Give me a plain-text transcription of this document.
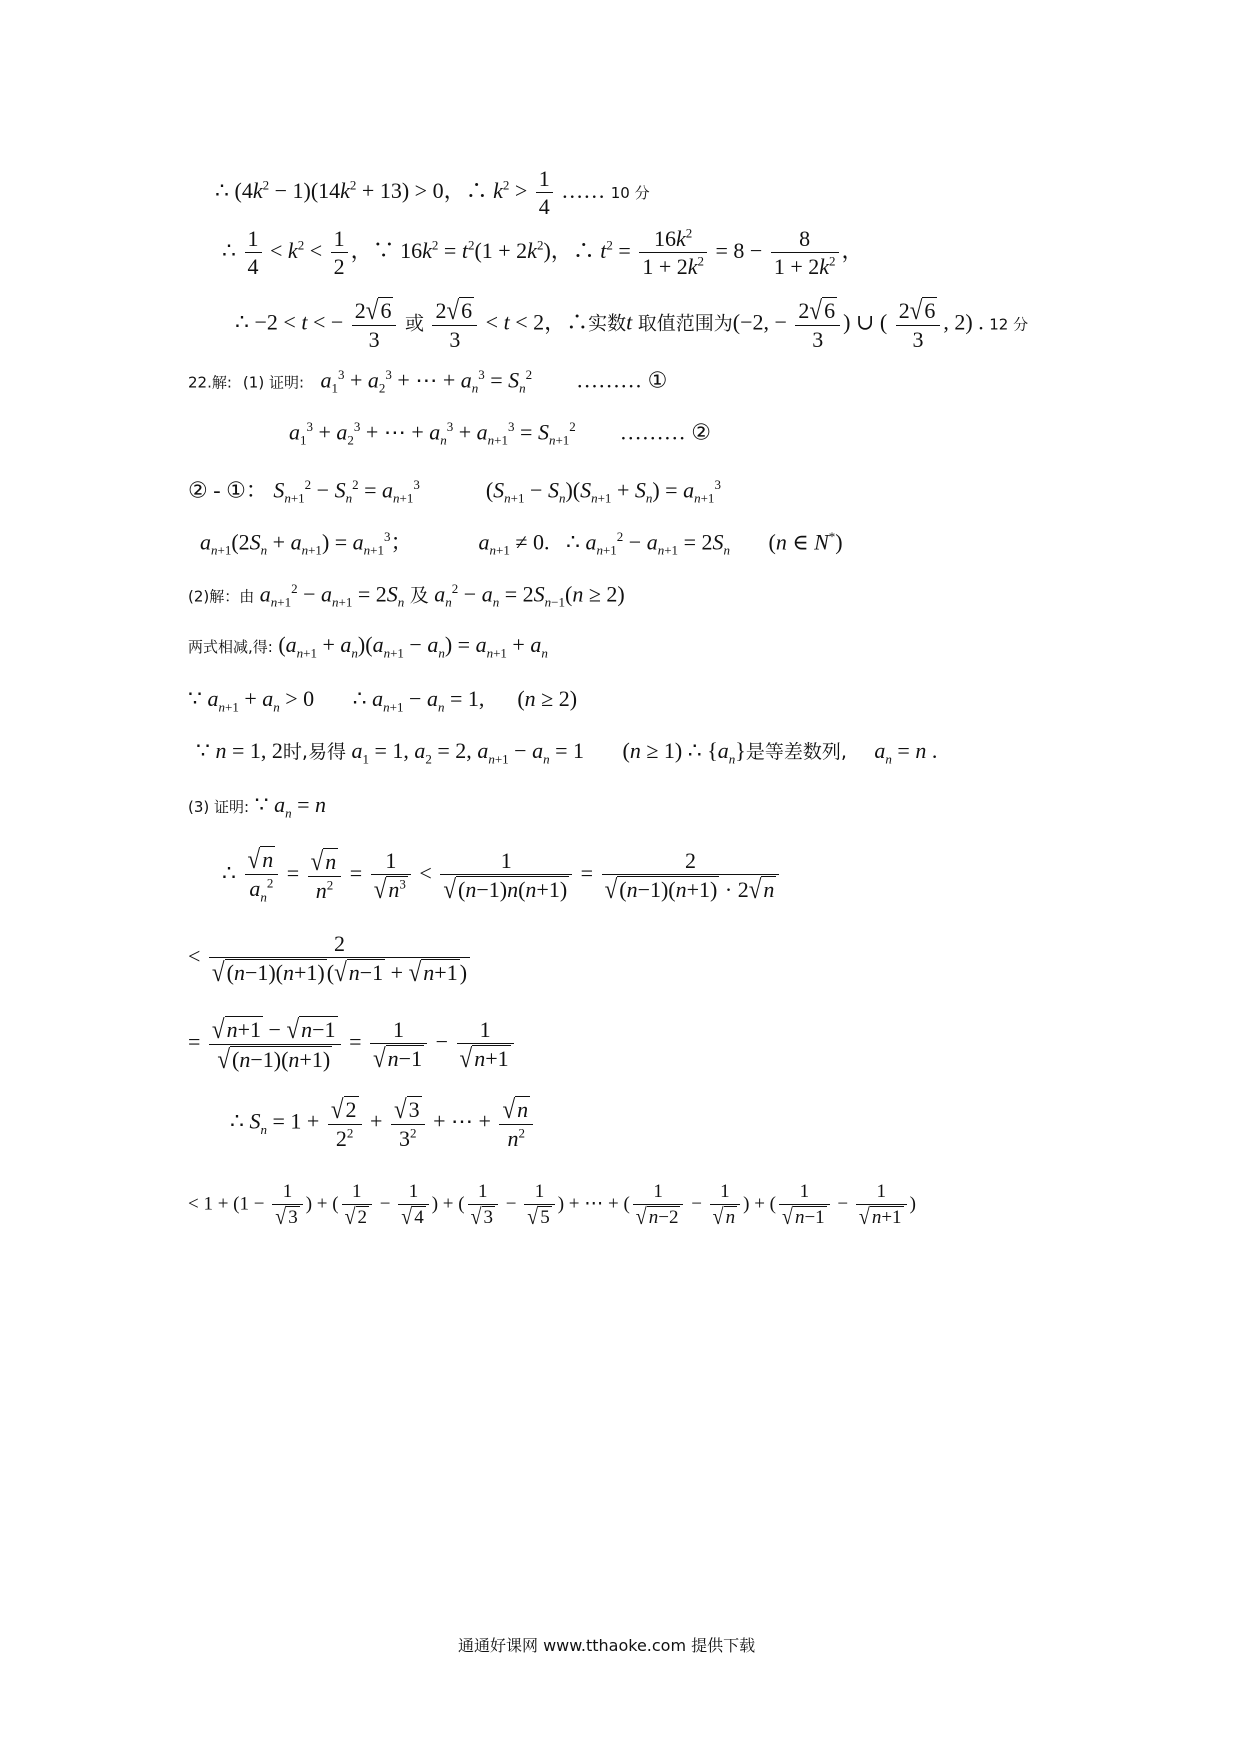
∴ $(4k^2 - 1)(14k^2 + 13) > 0$，∴ $k^2 > \frac{1}{4}$ …… 10 分
∴ $\frac{1}{4} < k^2 < \frac{1}{2}$ ，∵ $16k^2 = t^2(1 + 2k^2)$，∴ $t^2 = \frac{16k^2}{1 + 2k^2} = 8 - \frac{8}{1 + 2k^2}$ ，
∴ −2 < t < − $\frac{2√6}{3}$ 或 $\frac{2√6}{3} < t < 2$，∴实数t 取值范围为(−2, − $\frac{2√6}{3}$ ) ∪ ( $\frac{2√6}{3}$ , 2) . 12 分
22.解: (1) 证明: $a_1^3 + a_2^3$ + ⋯ + $a_n^3 = S_n^2$ ……… ①
$a_1^3 + a_2^3$ + ⋯ + $a_n^3 + a_{n+1}^3 = S_{n+1}^2$ ……… ②
② - ①： $S_{n+1}^2 - S_n^2 = a_{n+1}^3$            $(S_{n+1} - S_n)(S_{n+1} + S_n) = a_{n+1}^3$
$a_{n+1}(2S_n + a_{n+1}) = a_{n+1}^3$；            $a_{n+1} \ne 0$.   ∴ $a_{n+1}^2 - a_{n+1} = 2S_n$       (n ∈ N*)
(2)解：由 $a_{n+1}^2 - a_{n+1} = 2S_n$ 及 $a_n^2 - a_n = 2S_{n-1}(n \ge 2)$
两式相减,得: $(a_{n+1} + a_n)(a_{n+1} - a_n) = a_{n+1} + a_n$
∵ $a_{n+1} + a_n > 0$       ∴ $a_{n+1} - a_n = 1$,      (n ≥ 2)
∵ n = 1, 2时,易得 $a_1 = 1$, $a_2 = 2$, $a_{n+1} - a_n = 1$       (n ≥ 1) ∴ $\{a_n\}$是等差数列, $a_n = n$ .
(3) 证明: ∵ $a_n = n$
∴ $\frac{√n}{a_n^2} = \frac{√n}{n^2} = \frac{1}{√n^3} < \frac{1}{√(n-1)n(n+1)} = \frac{2}{√(n-1)(n+1) \cdot 2√n}$
< $\frac{2}{√(n-1)(n+1)(√n-1 + √n+1)}$
= $\frac{√n+1 - √n-1}{√(n-1)(n+1)} = \frac{1}{√n-1} - \frac{1}{√n+1}$
∴ $S_n = 1 + \frac{√2}{2^2} + \frac{√3}{3^2}$ + ⋯ + $\frac{√n}{n^2}$
< $1 + (1 - \frac{1}{√ 3}$ ) + ( $\frac{1}{√ 2} - \frac{1}{√ 4}$ ) + ( $\frac{1}{√ 3} - \frac{1}{√ 5}$ ) + ⋯ + ( $\frac{1}{√ n-2} - \frac{1}{√ n}$ ) + ( $\frac{1}{√ n-1} - \frac{1}{√ n+1}$ )
通通好课网 www.tthaoke.com 提供下载
